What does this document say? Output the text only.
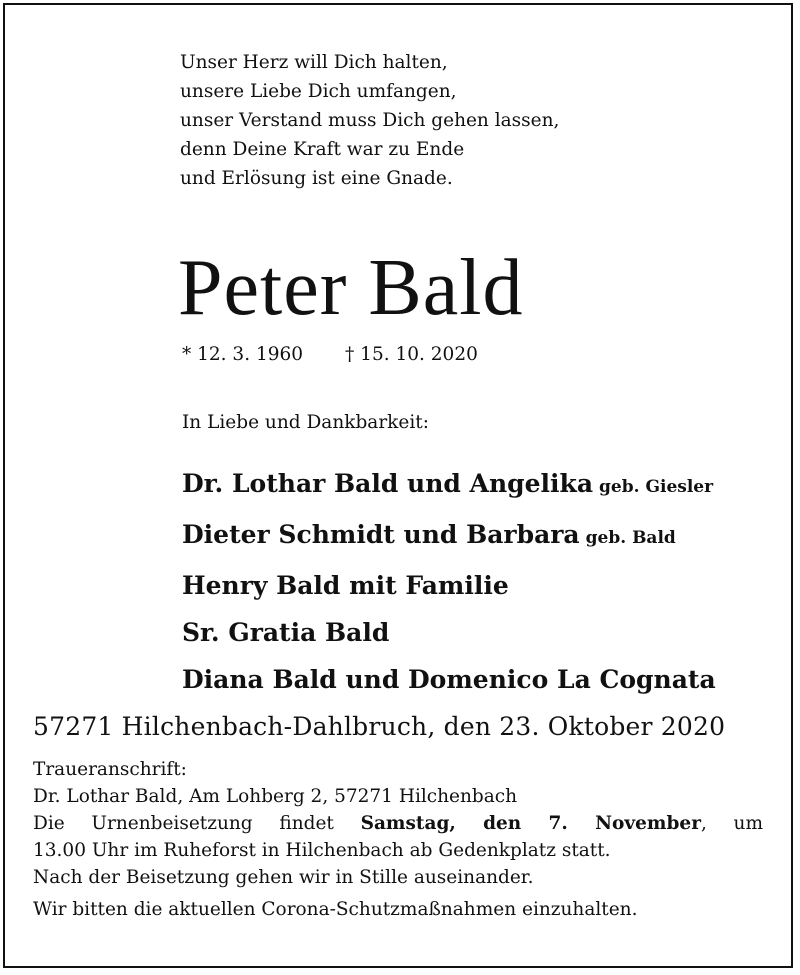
Unser Herz will Dich halten,
unsere Liebe Dich umfangen,
unser Verstand muss Dich gehen lassen,
denn Deine Kraft war zu Ende
und Erlösung ist eine Gnade.
Peter Bald
* 12. 3. 1960 † 15. 10. 2020
In Liebe und Dankbarkeit:
Dr. Lothar Bald und Angelika geb. Giesler
Dieter Schmidt und Barbara geb. Bald
Henry Bald mit Familie
Sr. Gratia Bald
Diana Bald und Domenico La Cognata
57271 Hilchenbach-Dahlbruch, den 23. Oktober 2020
Traueranschrift:
Dr. Lothar Bald, Am Lohberg 2, 57271 Hilchenbach
Die Urnenbeisetzung findet Samstag, den 7. November, um
13.00 Uhr im Ruheforst in Hilchenbach ab Gedenkplatz statt.
Nach der Beisetzung gehen wir in Stille auseinander.
Wir bitten die aktuellen Corona-Schutzmaßnahmen einzuhalten.
